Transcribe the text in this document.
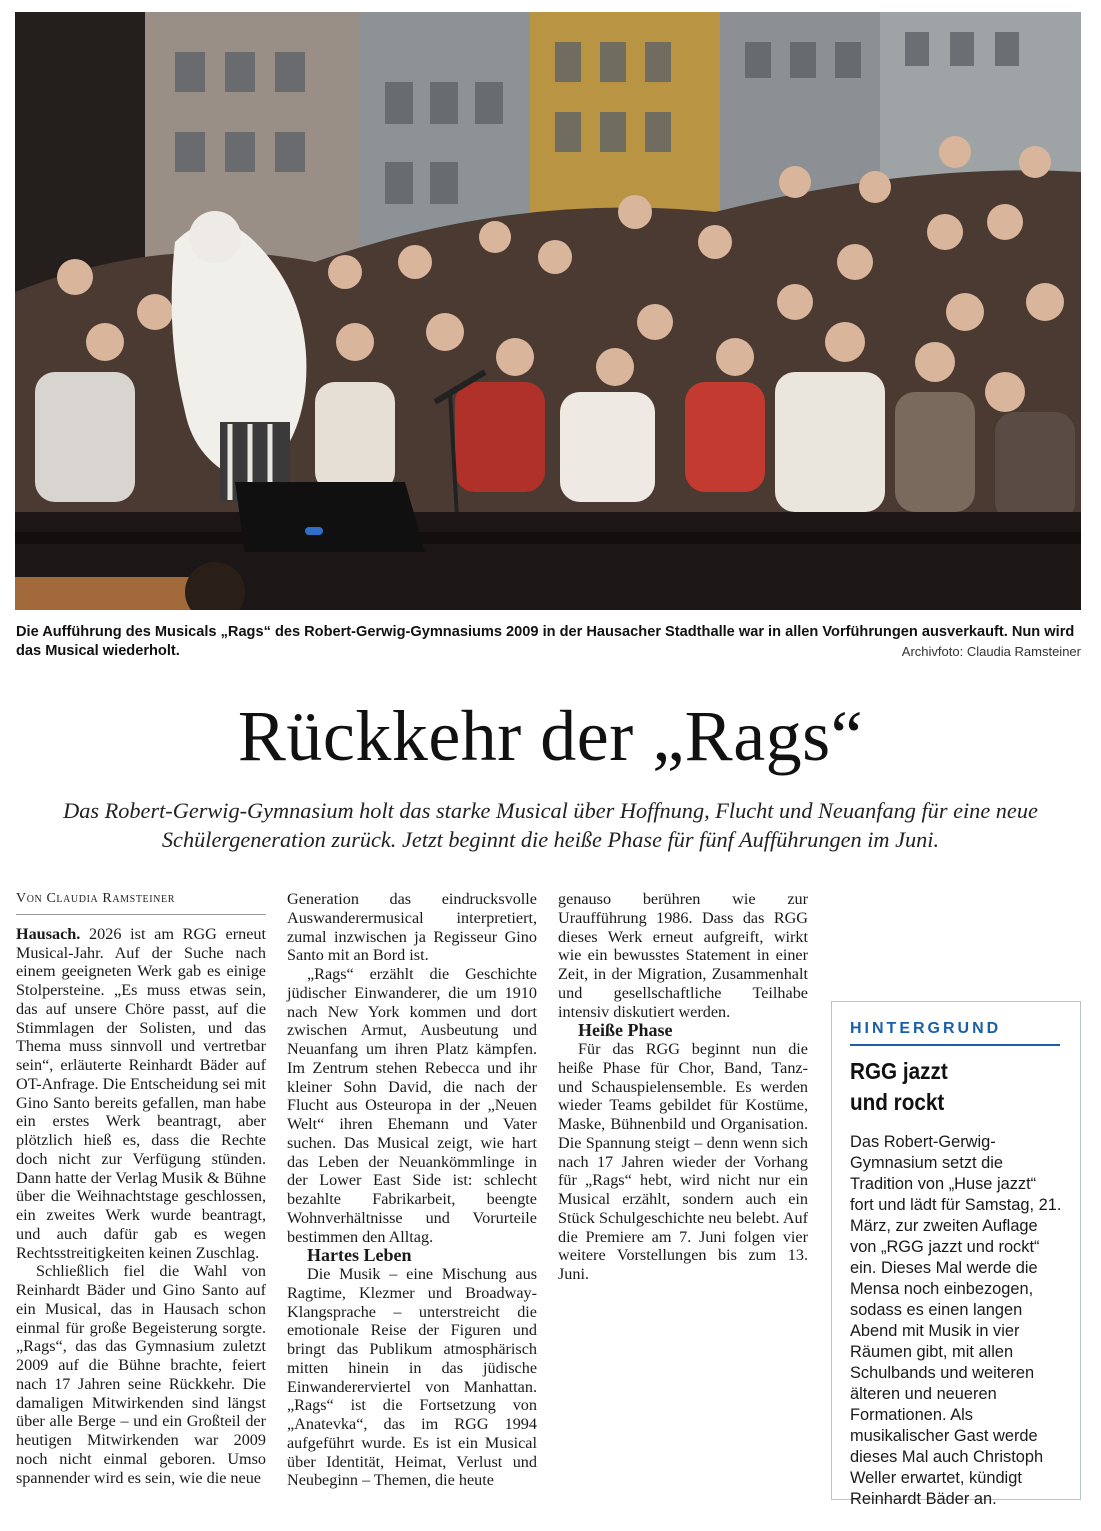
Die Aufführung des Musicals „Rags“ des Robert-Gerwig-Gymnasiums 2009 in der Hausacher Stadthalle war in allen Vorführungen ausverkauft. Nun wird das Musical wiederholt.	Archivfoto: Claudia Ramsteiner
Rückkehr der „Rags“
Das Robert-Gerwig-Gymnasium holt das starke Musical über Hoffnung, Flucht und Neuanfang für eine neue Schülergeneration zurück. Jetzt beginnt die heiße Phase für fünf Aufführungen im Juni.
Von Claudia Ramsteiner

Hausach. 2026 ist am RGG erneut Musical-Jahr. Auf der Suche nach einem geeigneten Werk gab es einige Stolpersteine. „Es muss etwas sein, das auf unsere Chöre passt, auf die Stimmlagen der Solisten, und das Thema muss sinnvoll und vertretbar sein“, erläuterte Reinhardt Bäder auf OT-Anfrage. Die Entscheidung sei mit Gino Santo bereits gefallen, man habe ein erstes Werk beantragt, aber plötzlich hieß es, dass die Rechte doch nicht zur Verfügung stünden. Dann hatte der Verlag Musik & Bühne über die Weihnachtstage geschlossen, ein zweites Werk wurde beantragt, und auch dafür gab es wegen Rechtsstreitigkeiten keinen Zuschlag.

Schließlich fiel die Wahl von Reinhardt Bäder und Gino Santo auf ein Musical, das in Hausach schon einmal für große Begeisterung sorgte. „Rags“, das das Gymnasium zuletzt 2009 auf die Bühne brachte, feiert nach 17 Jahren seine Rückkehr. Die damaligen Mitwirkenden sind längst über alle Berge – und ein Großteil der heutigen Mitwirkenden war 2009 noch nicht einmal geboren. Umso spannender wird es sein, wie die neue

Generation das eindrucksvolle Auswanderermusical interpretiert, zumal inzwischen ja Regisseur Gino Santo mit an Bord ist.

„Rags“ erzählt die Geschichte jüdischer Einwanderer, die um 1910 nach New York kommen und dort zwischen Armut, Ausbeutung und Neuanfang um ihren Platz kämpfen. Im Zentrum stehen Rebecca und ihr kleiner Sohn David, die nach der Flucht aus Osteuropa in der „Neuen Welt“ ihren Ehemann und Vater suchen. Das Musical zeigt, wie hart das Leben der Neuankömmlinge in der Lower East Side ist: schlecht bezahlte Fabrikarbeit, beengte Wohnverhältnisse und Vorurteile bestimmen den Alltag.

Hartes Leben

Die Musik – eine Mischung aus Ragtime, Klezmer und Broadway-Klangsprache – unterstreicht die emotionale Reise der Figuren und bringt das Publikum atmosphärisch mitten hinein in das jüdische Einwandererviertel von Manhattan. „Rags“ ist die Fortsetzung von „Anatevka“, das im RGG 1994 aufgeführt wurde. Es ist ein Musical über Identität, Heimat, Verlust und Neubeginn – Themen, die heute

genauso berühren wie zur Uraufführung 1986. Dass das RGG dieses Werk erneut aufgreift, wirkt wie ein bewusstes Statement in einer Zeit, in der Migration, Zusammenhalt und gesellschaftliche Teilhabe intensiv diskutiert werden.

Heiße Phase

Für das RGG beginnt nun die heiße Phase für Chor, Band, Tanz- und Schauspielensemble. Es werden wieder Teams gebildet für Kostüme, Maske, Bühnenbild und Organisation. Die Spannung steigt – denn wenn sich nach 17 Jahren wieder der Vorhang für „Rags“ hebt, wird nicht nur ein Musical erzählt, sondern auch ein Stück Schulgeschichte neu belebt. Auf die Premiere am 7. Juni folgen vier weitere Vorstellungen bis zum 13. Juni.

HINTERGRUND
RGG jazzt
und rockt
Das Robert-Gerwig-Gymnasium setzt die Tradition von „Huse jazzt“ fort und lädt für Samstag, 21. März, zur zweiten Auflage von „RGG jazzt und rockt“ ein. Dieses Mal werde die Mensa noch einbezogen, sodass es einen langen Abend mit Musik in vier Räumen gibt, mit allen Schulbands und weiteren älteren und neueren Formationen. Als musikalischer Gast werde dieses Mal auch Christoph Weller erwartet, kündigt Reinhardt Bäder an.
